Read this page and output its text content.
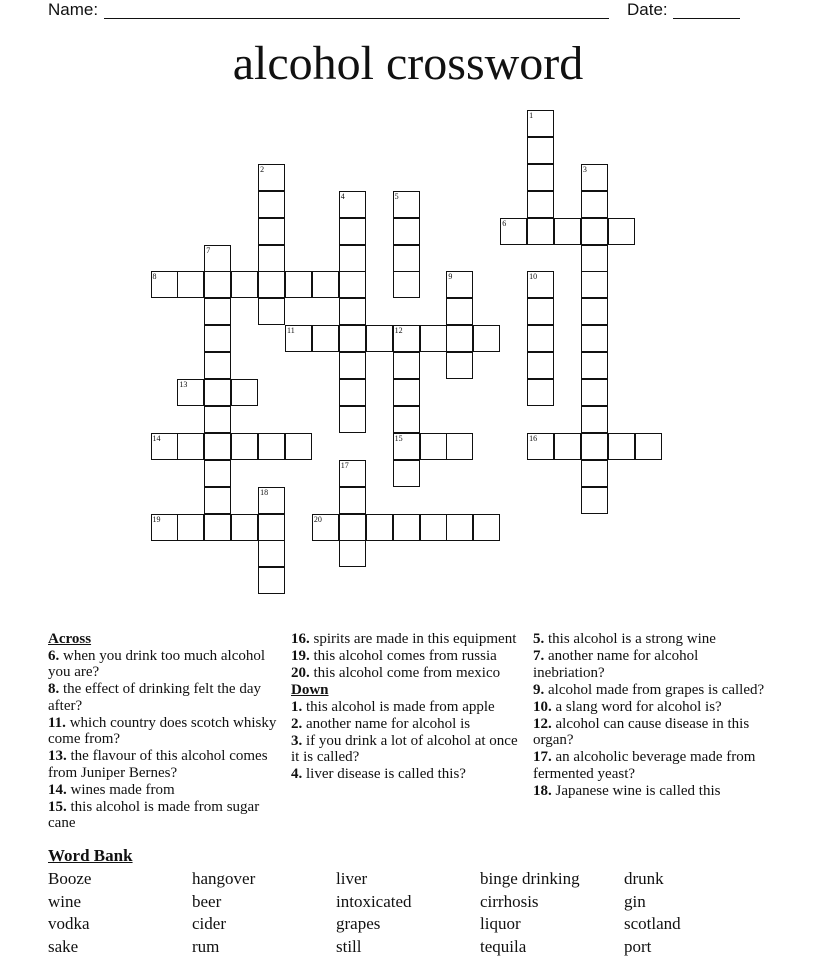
Name:	Date:
alcohol crossword
1
2	3
4	5
6
7
8	9	10
11	12
15
13
14	16
17
18
19	20

Across

6. when you drink too much alcohol you are?

8. the effect of drinking felt the day after?

11. which country does scotch whisky come from?

13. the flavour of this alcohol comes from Juniper Bernes?

14. wines made from

15. this alcohol is made from sugar cane

16. spirits are made in this equipment

19. this alcohol comes from russia

20. this alcohol come from mexico

Down

1. this alcohol is made from apple

2. another name for alcohol is

3. if you drink a lot of alcohol at once it is called?

4. liver disease is called this?

5. this alcohol is a strong wine

7. another name for alcohol inebriation?

9. alcohol made from grapes is called?

10. a slang word for alcohol is?

12. alcohol can cause disease in this organ?

17. an alcoholic beverage made from fermented yeast?

18. Japanese wine is called this

Word Bank
Booze	hangover	liver	binge drinking	drunk
wine	beer	intoxicated	cirrhosis	gin
vodka	cider	grapes	liquor	scotland
sake	rum	still	tequila	port
